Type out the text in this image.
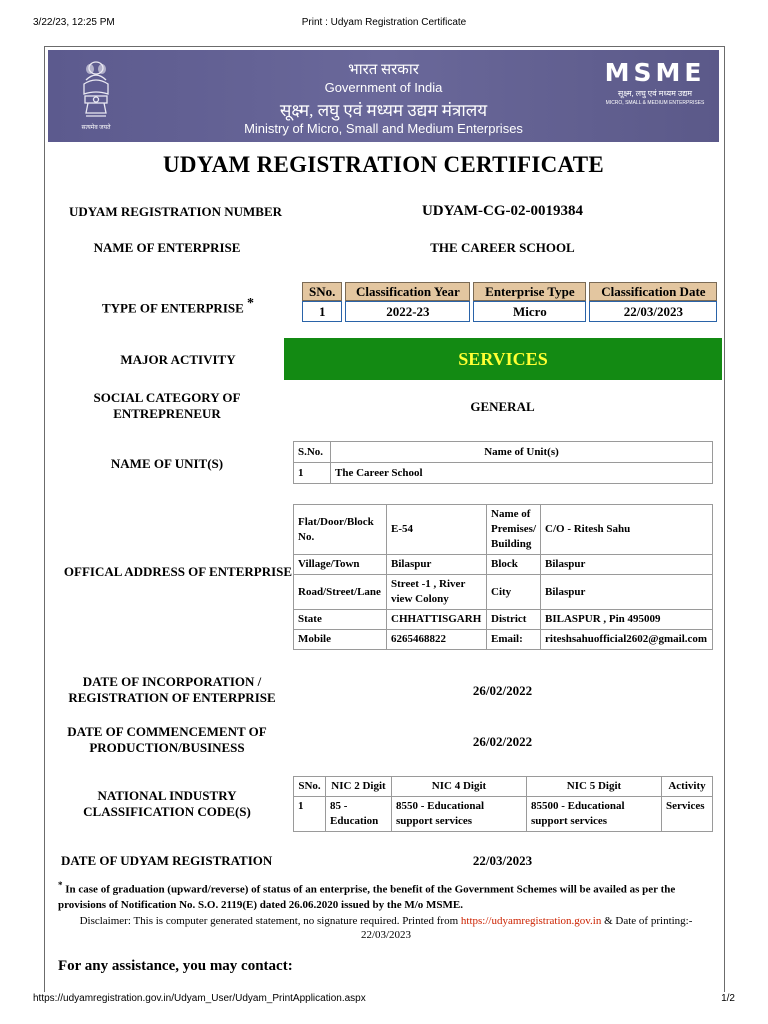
3/22/23, 12:25 PM	Print : Udyam Registration Certificate
सत्यमेव जयते
भारत सरकार
Government of India
सूक्ष्म, लघु एवं मध्यम उद्यम मंत्रालय
Ministry of Micro, Small and Medium Enterprises
MSME
सूक्ष्म, लघु एवं मध्यम उद्यम
MICRO, SMALL & MEDIUM ENTERPRISES
UDYAM REGISTRATION CERTIFICATE
UDYAM REGISTRATION NUMBER	UDYAM-CG-02-0019384
NAME OF ENTERPRISE	THE CAREER SCHOOL
TYPE OF ENTERPRISE *
SNo.	Classification Year	Enterprise Type	Classification Date
1	2022-23	Micro	22/03/2023
MAJOR ACTIVITY	SERVICES
SOCIAL CATEGORY OF ENTREPRENEUR	GENERAL
NAME OF UNIT(S)
S.No.	Name of Unit(s)
1	The Career School
OFFICAL ADDRESS OF ENTERPRISE
Flat/Door/Block No.	E-54	Name of Premises/ Building	C/O - Ritesh Sahu
Village/Town	Bilaspur	Block	Bilaspur
Road/Street/Lane	Street -1 , River view Colony	City	Bilaspur
State	CHHATTISGARH	District	BILASPUR , Pin 495009
Mobile	6265468822	Email:	riteshsahuofficial2602@gmail.com
DATE OF INCORPORATION / REGISTRATION OF ENTERPRISE	26/02/2022
DATE OF COMMENCEMENT OF PRODUCTION/BUSINESS	26/02/2022
NATIONAL INDUSTRY CLASSIFICATION CODE(S)
SNo.	NIC 2 Digit	NIC 4 Digit	NIC 5 Digit	Activity
1	85 - Education	8550 - Educational support services	85500 - Educational support services	Services
DATE OF UDYAM REGISTRATION	22/03/2023
* In case of graduation (upward/reverse) of status of an enterprise, the benefit of the Government Schemes will be availed as per the provisions of Notification No. S.O. 2119(E) dated 26.06.2020 issued by the M/o MSME.
Disclaimer: This is computer generated statement, no signature required. Printed from https://udyamregistration.gov.in & Date of printing:-
22/03/2023
For any assistance, you may contact:
https://udyamregistration.gov.in/Udyam_User/Udyam_PrintApplication.aspx	1/2
